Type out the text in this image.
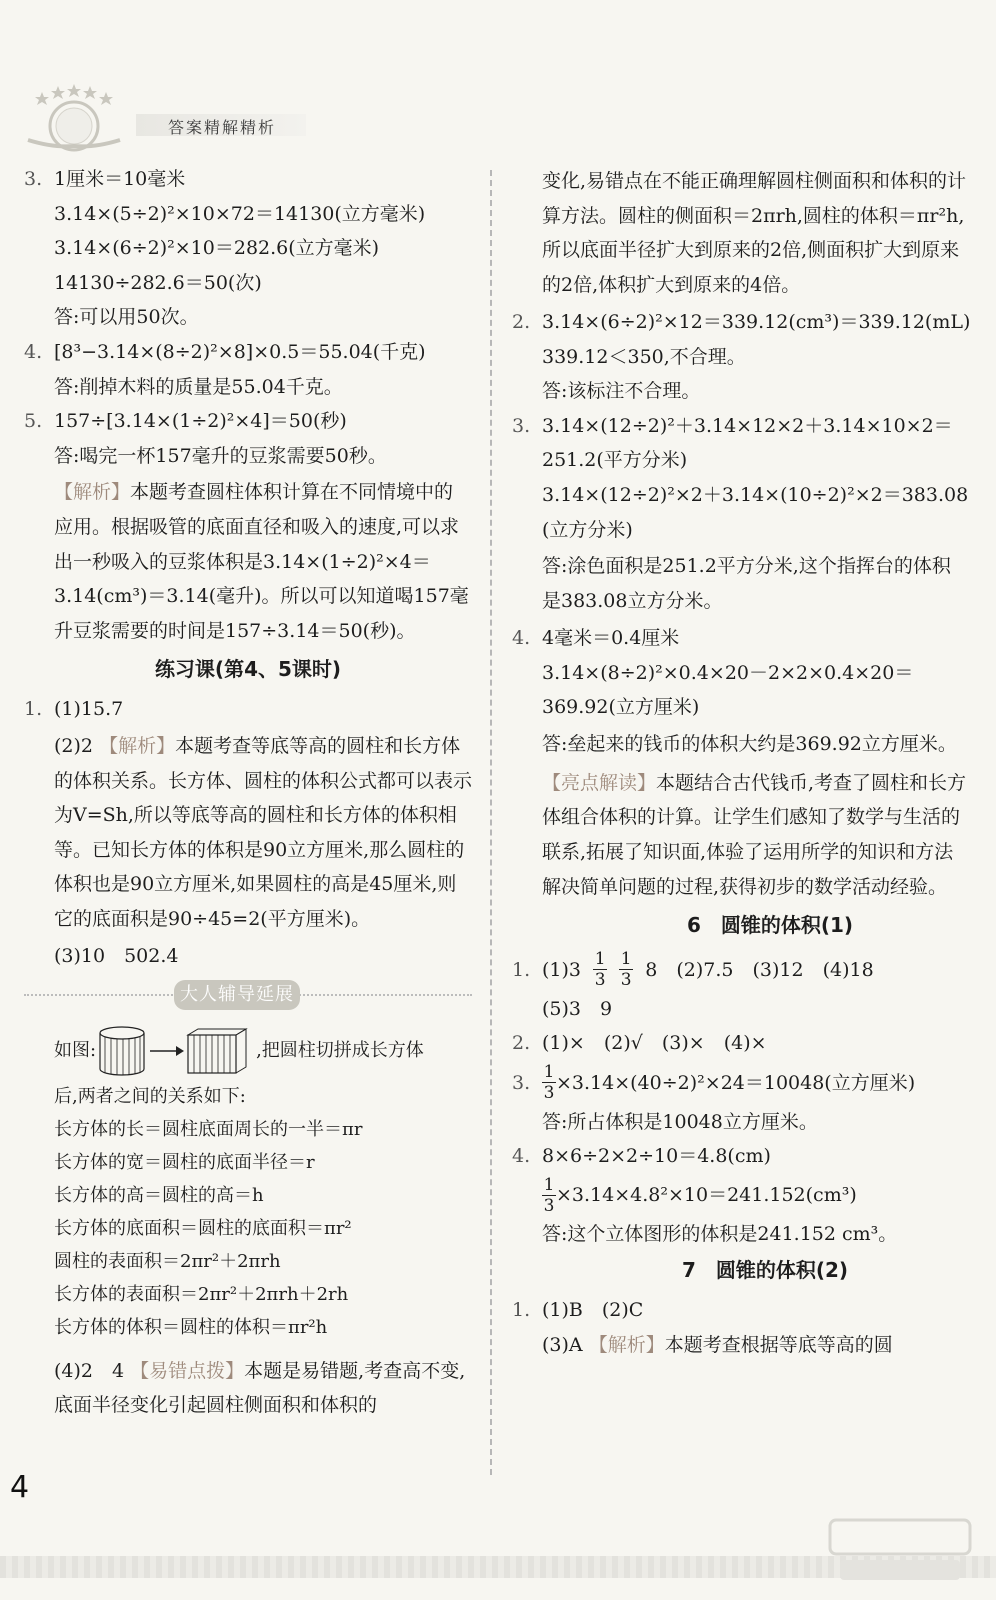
答案精解精析
3. 1厘米＝10毫米
3.14×(5÷2)²×10×72＝14130(立方毫米)
3.14×(6÷2)²×10＝282.6(立方毫米)
14130÷282.6＝50(次)
答:可以用50次。
4. [8³−3.14×(8÷2)²×8]×0.5＝55.04(千克)
答:削掉木料的质量是55.04千克。
5. 157÷[3.14×(1÷2)²×4]＝50(秒)
答:喝完一杯157毫升的豆浆需要50秒。
【解析】本题考查圆柱体积计算在不同情境中的应用。根据吸管的底面直径和吸入的速度,可以求出一秒吸入的豆浆体积是3.14×(1÷2)²×4＝3.14(cm³)＝3.14(毫升)。所以可以知道喝157毫升豆浆需要的时间是157÷3.14＝50(秒)。
练习课(第4、5课时)
1. (1)15.7
(2)2 【解析】本题考查等底等高的圆柱和长方体的体积关系。长方体、圆柱的体积公式都可以表示为V=Sh,所以等底等高的圆柱和长方体的体积相等。已知长方体的体积是90立方厘米,那么圆柱的体积也是90立方厘米,如果圆柱的高是45厘米,则它的底面积是90÷45=2(平方厘米)。
(3)10　502.4
大人辅导延展
如图:	,把圆柱切拼成长方体
后,两者之间的关系如下:
长方体的长＝圆柱底面周长的一半＝πr
长方体的宽＝圆柱的底面半径＝r
长方体的高＝圆柱的高＝h
长方体的底面积＝圆柱的底面积＝πr²
圆柱的表面积＝2πr²＋2πrh
长方体的表面积＝2πr²＋2πrh＋2rh
长方体的体积＝圆柱的体积＝πr²h
(4)2　4 【易错点拨】本题是易错题,考查高不变,底面半径变化引起圆柱侧面积和体积的
变化,易错点在不能正确理解圆柱侧面积和体积的计算方法。圆柱的侧面积＝2πrh,圆柱的体积＝πr²h,所以底面半径扩大到原来的2倍,侧面积扩大到原来的2倍,体积扩大到原来的4倍。
2. 3.14×(6÷2)²×12＝339.12(cm³)＝339.12(mL)
339.12＜350,不合理。
答:该标注不合理。
3. 3.14×(12÷2)²＋3.14×12×2＋3.14×10×2＝
251.2(平方分米)
3.14×(12÷2)²×2＋3.14×(10÷2)²×2＝383.08
(立方分米)
答:涂色面积是251.2平方分米,这个指挥台的体积是383.08立方分米。
4. 4毫米＝0.4厘米
3.14×(8÷2)²×0.4×20－2×2×0.4×20＝
369.92(立方厘米)
答:垒起来的钱币的体积大约是369.92立方厘米。
【亮点解读】本题结合古代钱币,考查了圆柱和长方体组合体积的计算。让学生们感知了数学与生活的联系,拓展了知识面,体验了运用所学的知识和方法解决简单问题的过程,获得初步的数学活动经验。
6　圆锥的体积(1)
1. (1)3
$\frac{1}{3}$
$\frac{1}{3}$
8　(2)7.5　(3)12　(4)18
(5)3　9
2. (1)×　(2)√　(3)×　(4)×
3. $\frac{1}{3} \times 3.14\times(40\div 2)^2\times 24=10048$(立方厘米)
答:所占体积是10048立方厘米。
4. 8×6÷2×2÷10＝4.8(cm)
$\frac{1}{3} \times 3.14\times 4.8^2\times 10=241.152(cm^3)$
答:这个立体图形的体积是241.152 cm³。
7　圆锥的体积(2)
1. (1)B　(2)C
(3)A 【解析】本题考查根据等底等高的圆
4
